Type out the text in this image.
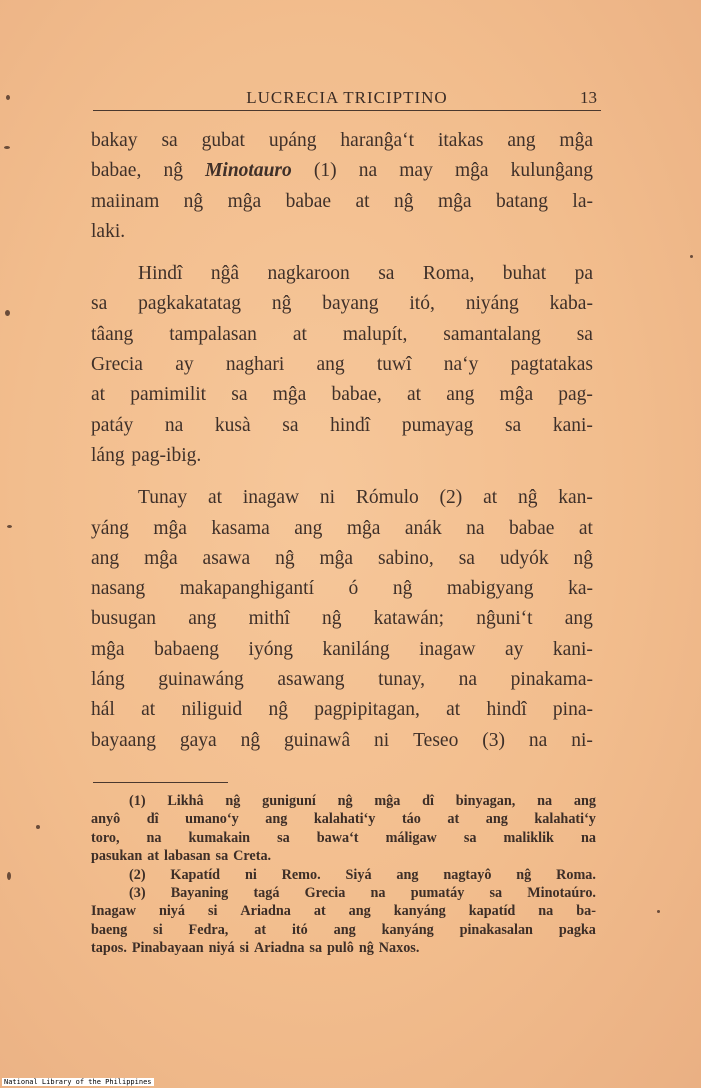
LUCRECIA TRICIPTINO	13
bakay sa gubat upáng haranĝa‘t itakas ang mĝa
babae, nĝ Minotauro (1) na may mĝa kulunĝang
maiinam nĝ mĝa babae at nĝ mĝa batang la-
laki.
Hindî nĝâ nagkaroon sa Roma, buhat pa
sa pagkakatatag nĝ bayang itó, niyáng kaba-
tâang tampalasan at malupít, samantalang sa
Grecia ay naghari ang tuwî na‘y pagtatakas
at pamimilit sa mĝa babae, at ang mĝa pag-
patáy na kusà sa hindî pumayag sa kani-
láng pag-ibig.
Tunay at inagaw ni Rómulo (2) at nĝ kan-
yáng mĝa kasama ang mĝa anák na babae at
ang mĝa asawa nĝ mĝa sabino, sa udyók nĝ
nasang makapanghigantí ó nĝ mabigyang ka-
busugan ang mithî nĝ katawán; nĝuni‘t ang
mĝa babaeng iyóng kaniláng inagaw ay kani-
láng guinawáng asawang tunay, na pinakama-
hál at niliguid nĝ pagpipitagan, at hindî pina-
bayaang gaya nĝ guinawâ ni Teseo (3) na ni-
(1) Likhâ nĝ guniguní nĝ mĝa dî binyagan, na ang
anyô dî umano‘y ang kalahati‘y táo at ang kalahati‘y
toro, na kumakain sa bawa‘t máligaw sa maliklik na
pasukan at labasan sa Creta.
(2) Kapatíd ni Remo. Siyá ang nagtayô nĝ Roma.
(3) Bayaning tagá Grecia na pumatáy sa Minotaúro.
Inagaw niyá si Ariadna at ang kanyáng kapatíd na ba-
baeng si Fedra, at itó ang kanyáng pinakasalan pagka
tapos. Pinabayaan niyá si Ariadna sa pulô nĝ Naxos.
National Library of the Philippines
